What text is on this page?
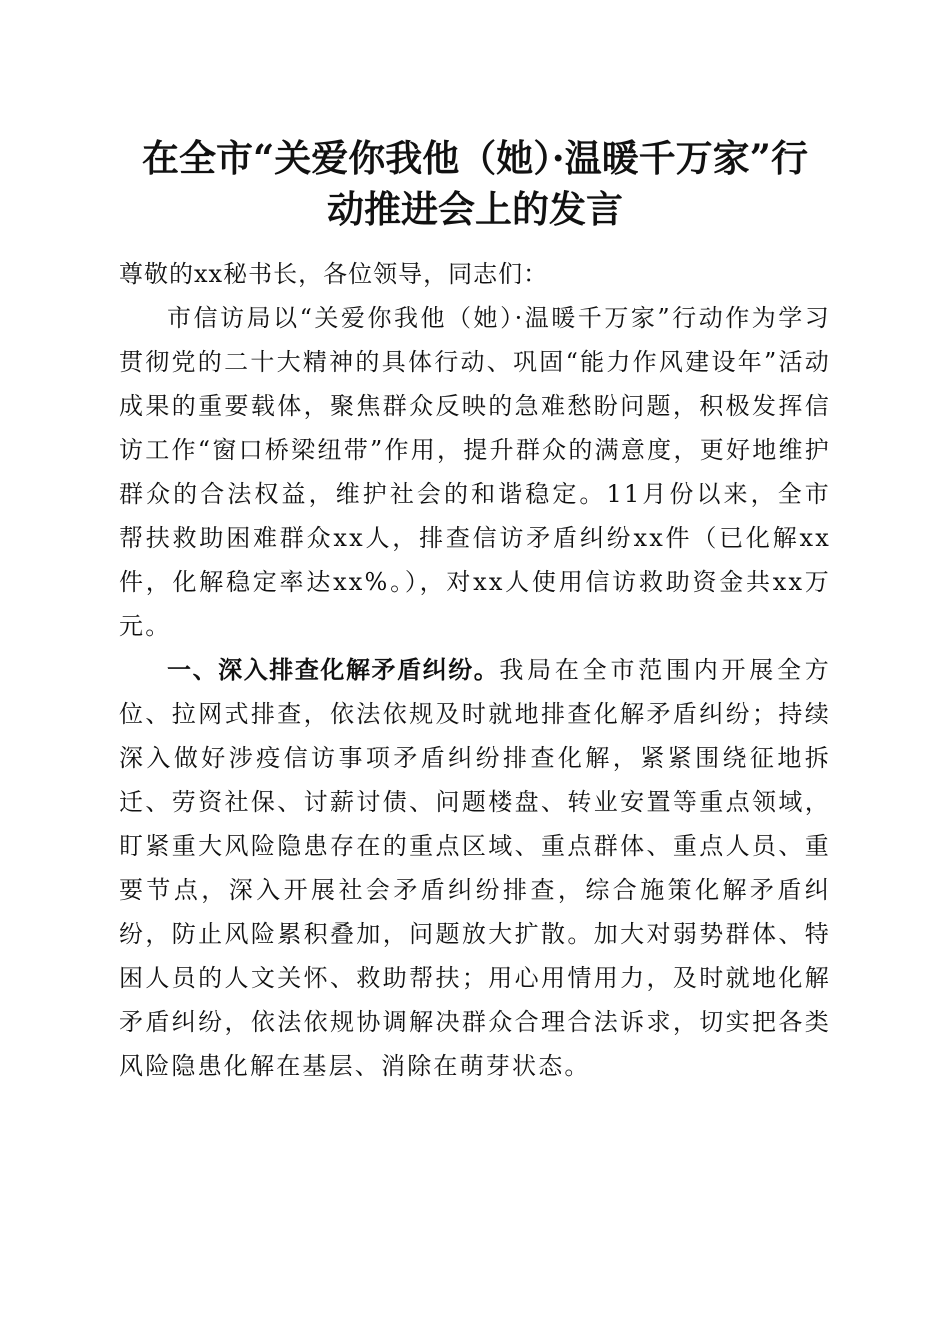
在全市“关爱你我他（她）·温暖千万家”行
动推进会上的发言

尊敬的xx秘书长，各位领导，同志们：

市信访局以“关爱你我他（她）·温暖千万家”行动作为学习贯彻党的二十大精神的具体行动、巩固“能力作风建设年”活动成果的重要载体，聚焦群众反映的急难愁盼问题，积极发挥信访工作“窗口桥梁纽带”作用，提升群众的满意度，更好地维护群众的合法权益，维护社会的和谐稳定。11月份以来，全市帮扶救助困难群众xx人，排查信访矛盾纠纷xx件（已化解xx件，化解稳定率达xx%。），对xx人使用信访救助资金共xx万元。

一、深入排查化解矛盾纠纷。我局在全市范围内开展全方位、拉网式排查，依法依规及时就地排查化解矛盾纠纷；持续深入做好涉疫信访事项矛盾纠纷排查化解，紧紧围绕征地拆迁、劳资社保、讨薪讨债、问题楼盘、转业安置等重点领域，盯紧重大风险隐患存在的重点区域、重点群体、重点人员、重要节点，深入开展社会矛盾纠纷排查，综合施策化解矛盾纠纷，防止风险累积叠加，问题放大扩散。加大对弱势群体、特困人员的人文关怀、救助帮扶；用心用情用力，及时就地化解矛盾纠纷，依法依规协调解决群众合理合法诉求，切实把各类风险隐患化解在基层、消除在萌芽状态。
